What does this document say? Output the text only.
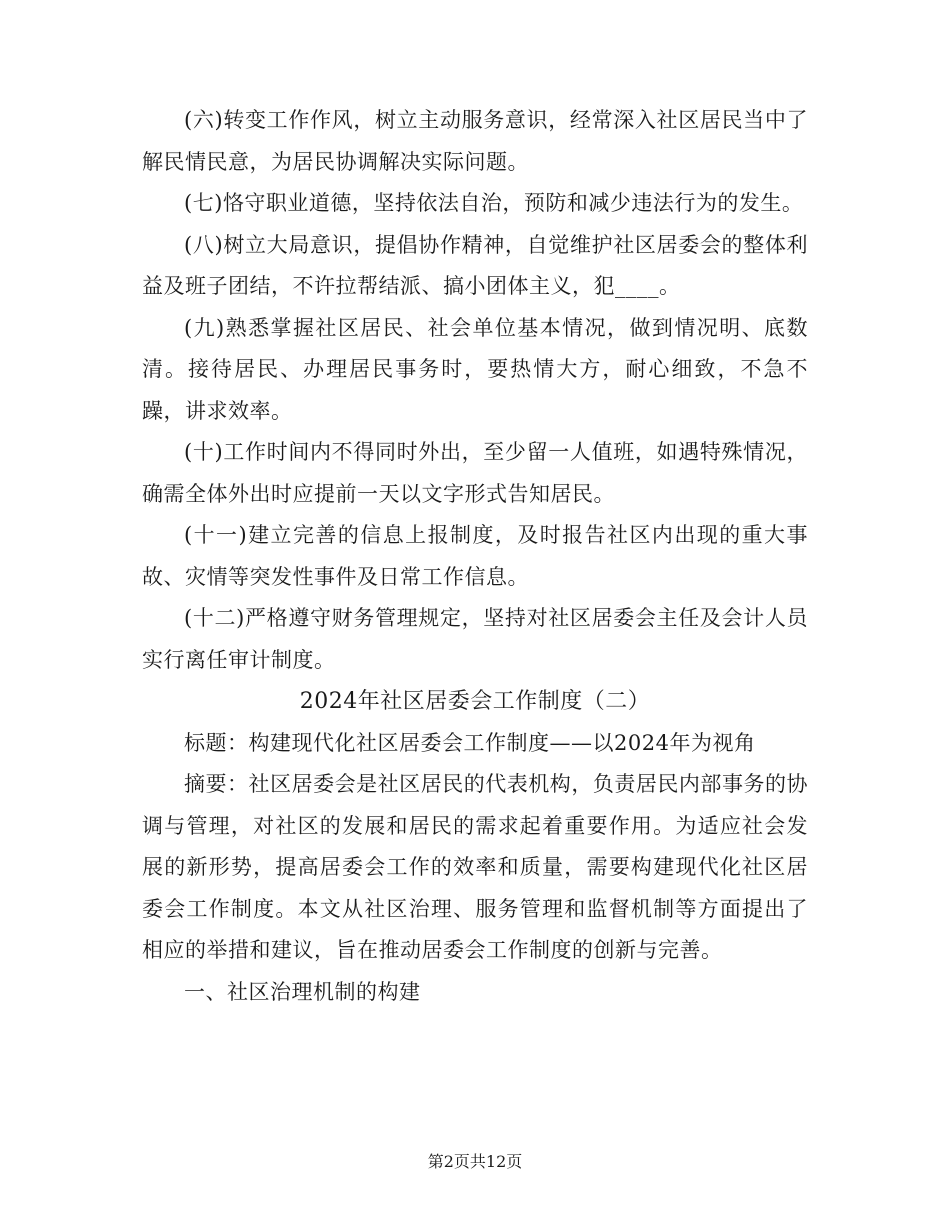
(六)转变工作作风，树立主动服务意识，经常深入社区居民当中了解民情民意，为居民协调解决实际问题。

(七)恪守职业道德，坚持依法自治，预防和减少违法行为的发生。

(八)树立大局意识，提倡协作精神，自觉维护社区居委会的整体利益及班子团结，不许拉帮结派、搞小团体主义，犯____。

(九)熟悉掌握社区居民、社会单位基本情况，做到情况明、底数清。接待居民、办理居民事务时，要热情大方，耐心细致，不急不躁，讲求效率。

(十)工作时间内不得同时外出，至少留一人值班，如遇特殊情况，确需全体外出时应提前一天以文字形式告知居民。

(十一)建立完善的信息上报制度，及时报告社区内出现的重大事故、灾情等突发性事件及日常工作信息。

(十二)严格遵守财务管理规定，坚持对社区居委会主任及会计人员实行离任审计制度。

2024年社区居委会工作制度（二）

标题：构建现代化社区居委会工作制度——以2024年为视角

摘要：社区居委会是社区居民的代表机构，负责居民内部事务的协调与管理，对社区的发展和居民的需求起着重要作用。为适应社会发展的新形势，提高居委会工作的效率和质量，需要构建现代化社区居委会工作制度。本文从社区治理、服务管理和监督机制等方面提出了相应的举措和建议，旨在推动居委会工作制度的创新与完善。

一、社区治理机制的构建

第2页共12页
